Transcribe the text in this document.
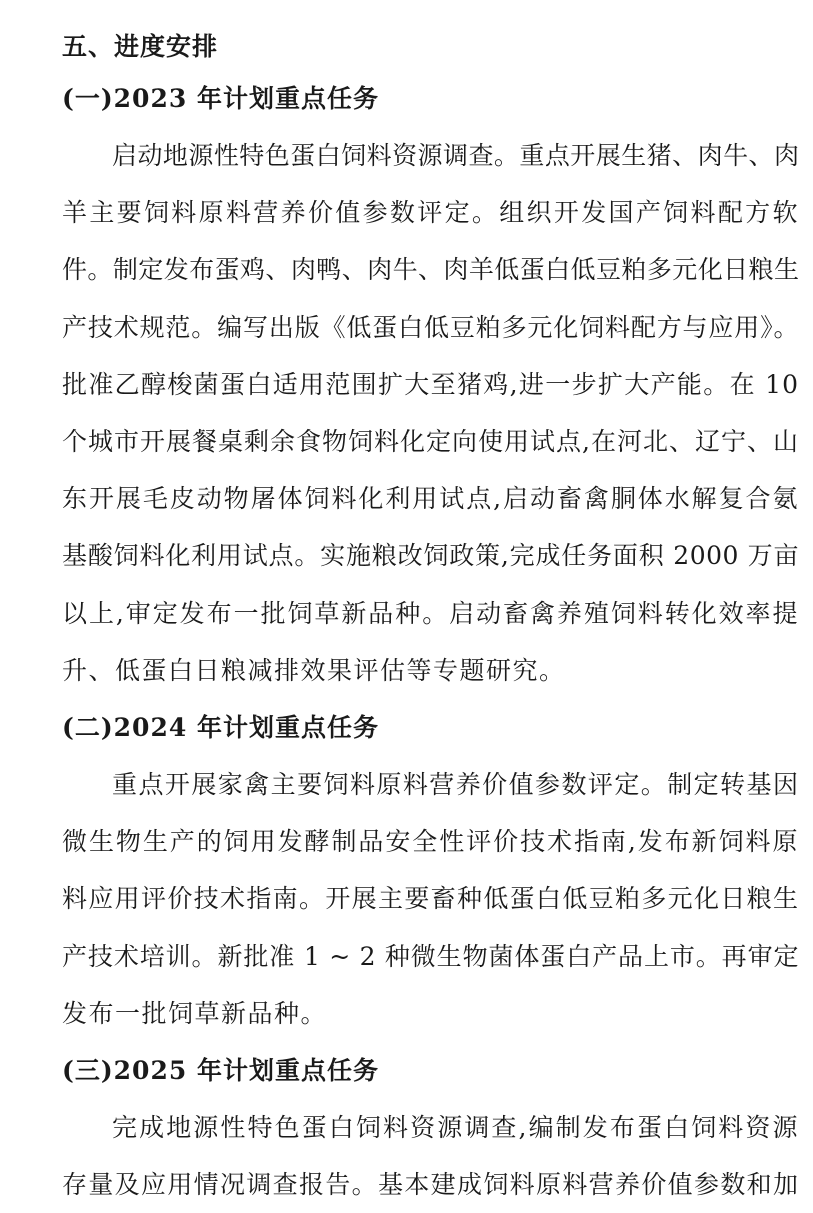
五、进度安排
(一)2023 年计划重点任务
启动地源性特色蛋白饲料资源调查。重点开展生猪、肉牛、肉
羊主要饲料原料营养价值参数评定。组织开发国产饲料配方软
件。制定发布蛋鸡、肉鸭、肉牛、肉羊低蛋白低豆粕多元化日粮生
产技术规范。编写出版《低蛋白低豆粕多元化饲料配方与应用》。
批准乙醇梭菌蛋白适用范围扩大至猪鸡,进一步扩大产能。在 10
个城市开展餐桌剩余食物饲料化定向使用试点,在河北、辽宁、山
东开展毛皮动物屠体饲料化利用试点,启动畜禽胴体水解复合氨
基酸饲料化利用试点。实施粮改饲政策,完成任务面积 2000 万亩
以上,审定发布一批饲草新品种。启动畜禽养殖饲料转化效率提
升、低蛋白日粮减排效果评估等专题研究。
(二)2024 年计划重点任务
重点开展家禽主要饲料原料营养价值参数评定。制定转基因
微生物生产的饲用发酵制品安全性评价技术指南,发布新饲料原
料应用评价技术指南。开展主要畜种低蛋白低豆粕多元化日粮生
产技术培训。新批准 1 ~ 2 种微生物菌体蛋白产品上市。再审定
发布一批饲草新品种。
(三)2025 年计划重点任务
完成地源性特色蛋白饲料资源调查,编制发布蛋白饲料资源
存量及应用情况调查报告。基本建成饲料原料营养价值参数和加
